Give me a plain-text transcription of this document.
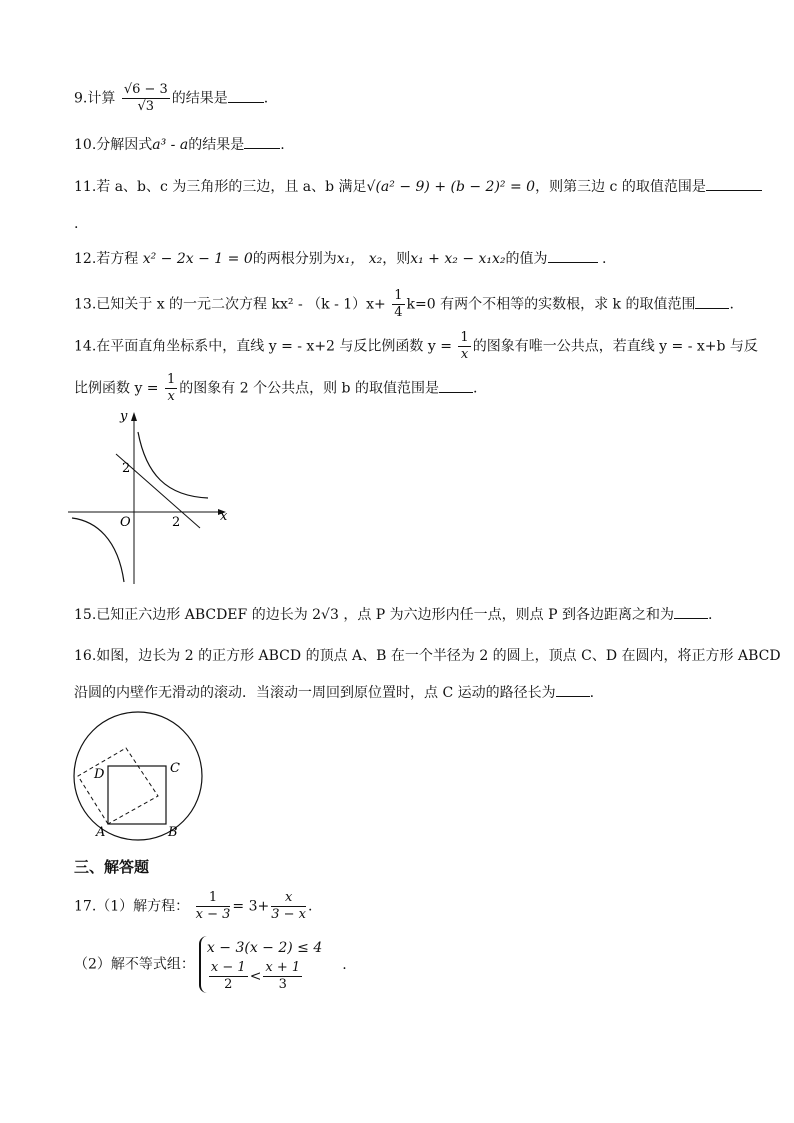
9.计算 $\frac{√6 - 3}{√3}$ 的结果是	.
10.分解因式a³ - a的结果是	.
11.若 a、b、c 为三角形的三边，且 a、b 满足√(a² − 9) + (b − 2)² = 0，则第三边 c 的取值范围是
.
12.若方程 x² − 2x − 1 = 0的两根分别为x₁， x₂，则x₁ + x₂ − x₁x₂的值为	.
13.已知关于 x 的一元二次方程 $kx^2 - (k - 1)x+ \frac{1}{4} k=0$ 有两个不相等的实数根，求 k 的取值范围 .
14.在平面直角坐标系中，直线 y = - x+2 与反比例函数 $y = \frac{1}{x}$ 的图象有唯一公共点，若直线 y = - x+b 与反
比例函数 $y = \frac{1}{x}$ 的图象有 2 个公共点，则 b 的取值范围是 .
y
x
O
2
2
15.已知正六边形 ABCDEF 的边长为 2√3 ，点 P 为六边形内任一点，则点 P 到各边距离之和为 .
16.如图，边长为 2 的正方形 ABCD 的顶点 A、B 在一个半径为 2 的圆上，顶点 C、D 在圆内，将正方形 ABCD
沿圆的内壁作无滑动的滚动．当滚动一周回到原位置时，点 C 运动的路径长为 .
D	C
A	B
三、解答题
17.（1）解方程： $\frac{1}{x - 3} = 3+ \frac{x}{3 - x}$ .
（2）解不等式组：
x − 3(x − 2) ≤ 4
$\frac{x - 1}{2} < \frac{x + 1}{3}$	.
